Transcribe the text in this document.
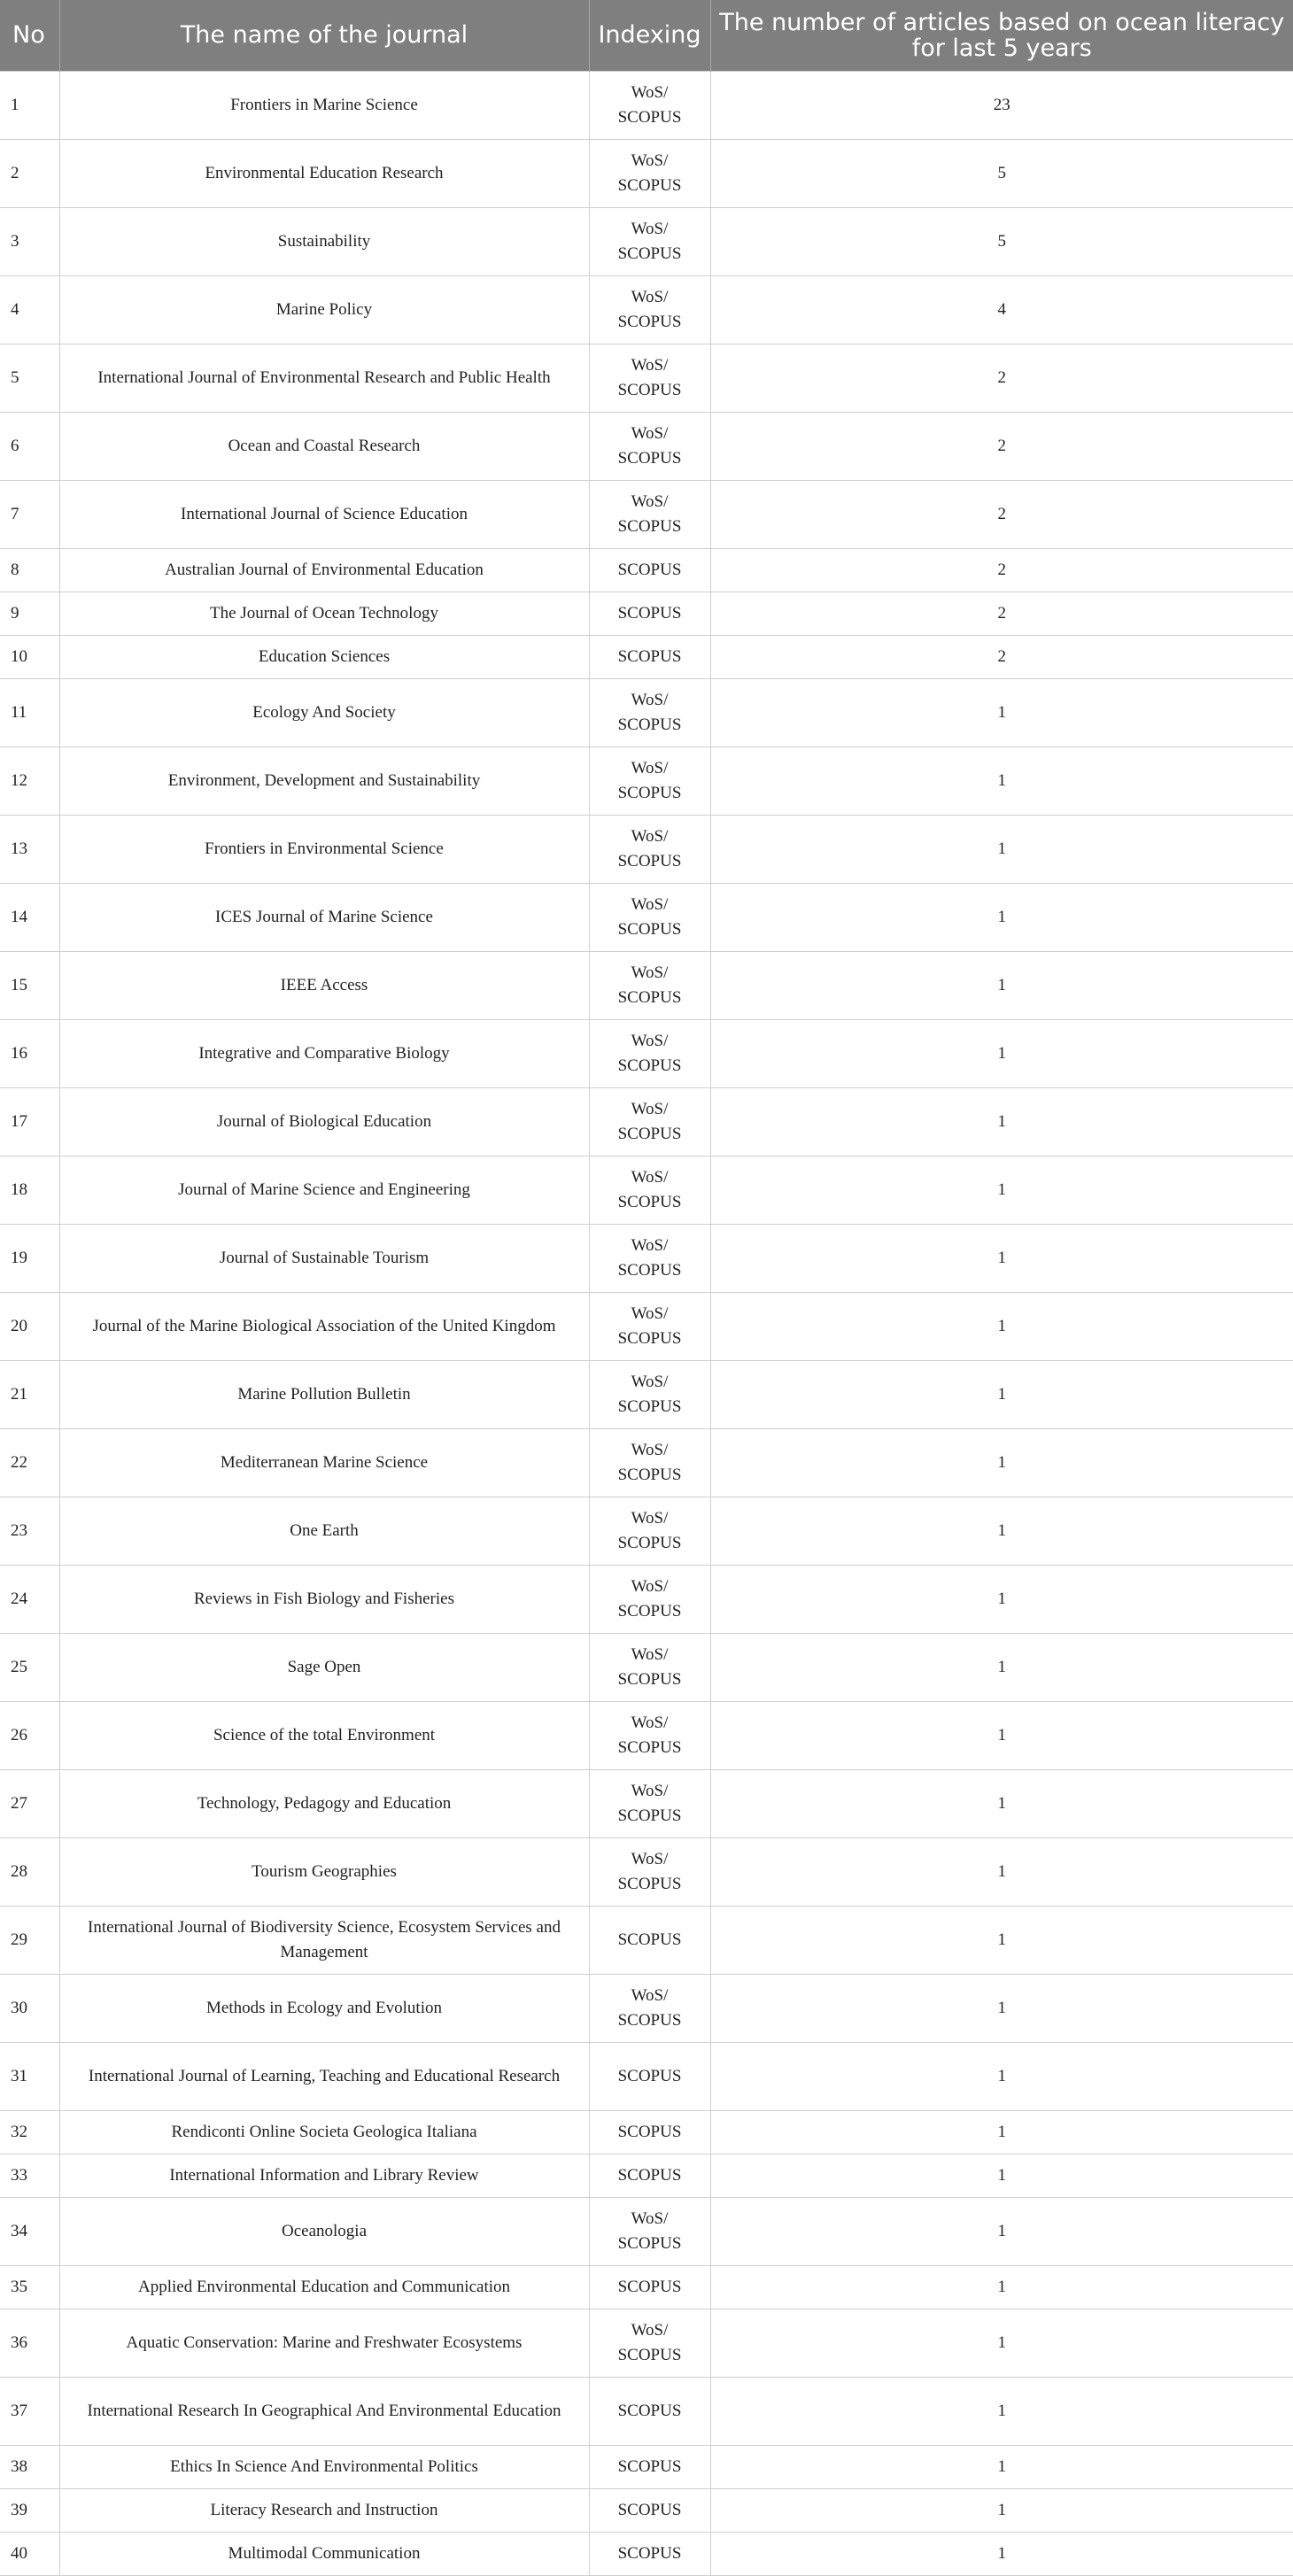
No	The name of the journal	Indexing	The number of articles based on ocean literacy for last 5 years
1	Frontiers in Marine Science	WoS/ SCOPUS	23
2	Environmental Education Research	WoS/ SCOPUS	5
3	Sustainability	WoS/ SCOPUS	5
4	Marine Policy	WoS/ SCOPUS	4
5	International Journal of Environmental Research and Public Health	WoS/ SCOPUS	2
6	Ocean and Coastal Research	WoS/ SCOPUS	2
7	International Journal of Science Education	WoS/ SCOPUS	2
8	Australian Journal of Environmental Education	SCOPUS	2
9	The Journal of Ocean Technology	SCOPUS	2
10	Education Sciences	SCOPUS	2
11	Ecology And Society	WoS/ SCOPUS	1
12	Environment, Development and Sustainability	WoS/ SCOPUS	1
13	Frontiers in Environmental Science	WoS/ SCOPUS	1
14	ICES Journal of Marine Science	WoS/ SCOPUS	1
15	IEEE Access	WoS/ SCOPUS	1
16	Integrative and Comparative Biology	WoS/ SCOPUS	1
17	Journal of Biological Education	WoS/ SCOPUS	1
18	Journal of Marine Science and Engineering	WoS/ SCOPUS	1
19	Journal of Sustainable Tourism	WoS/ SCOPUS	1
20	Journal of the Marine Biological Association of the United Kingdom	WoS/ SCOPUS	1
21	Marine Pollution Bulletin	WoS/ SCOPUS	1
22	Mediterranean Marine Science	WoS/ SCOPUS	1
23	One Earth	WoS/ SCOPUS	1
24	Reviews in Fish Biology and Fisheries	WoS/ SCOPUS	1
25	Sage Open	WoS/ SCOPUS	1
26	Science of the total Environment	WoS/ SCOPUS	1
27	Technology, Pedagogy and Education	WoS/ SCOPUS	1
28	Tourism Geographies	WoS/ SCOPUS	1
29	International Journal of Biodiversity Science, Ecosystem Services and Management	SCOPUS	1
30	Methods in Ecology and Evolution	WoS/ SCOPUS	1
31	International Journal of Learning, Teaching and Educational Research	SCOPUS	1
32	Rendiconti Online Societa Geologica Italiana	SCOPUS	1
33	International Information and Library Review	SCOPUS	1
34	Oceanologia	WoS/ SCOPUS	1
35	Applied Environmental Education and Communication	SCOPUS	1
36	Aquatic Conservation: Marine and Freshwater Ecosystems	WoS/ SCOPUS	1
37	International Research In Geographical And Environmental Education	SCOPUS	1
38	Ethics In Science And Environmental Politics	SCOPUS	1
39	Literacy Research and Instruction	SCOPUS	1
40	Multimodal Communication	SCOPUS	1
